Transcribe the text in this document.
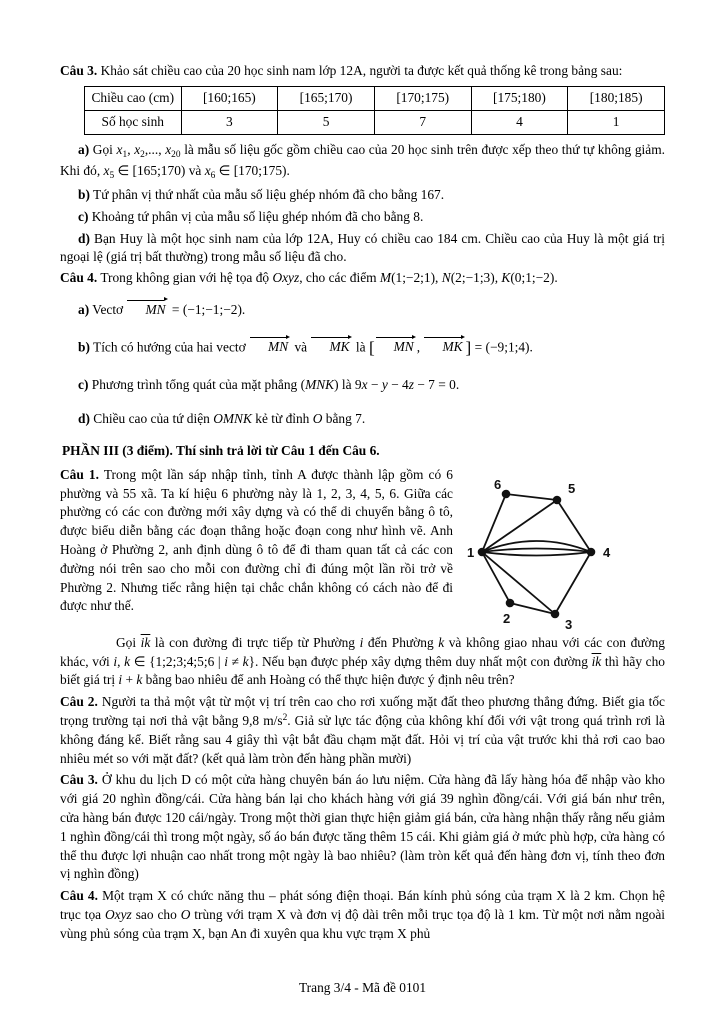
Câu 3. Khảo sát chiều cao của 20 học sinh nam lớp 12A, người ta được kết quả thống kê trong bảng sau:

Chiều cao (cm)	[160;165)	[165;170)	[170;175)	[175;180)	[180;185)
Số học sinh	3	5	7	4	1

a) Gọi $x_1$, $x_2$,..., $x_{20}$ là mẫu số liệu gốc gồm chiều cao của 20 học sinh trên được xếp theo thứ tự không giảm. Khi đó, $x_5$ ∈ [165;170) và $x_6$ ∈ [170;175).

b) Tứ phân vị thứ nhất của mẫu số liệu ghép nhóm đã cho bằng 167.

c) Khoảng tứ phân vị của mẫu số liệu ghép nhóm đã cho bằng 8.

d) Bạn Huy là một học sinh nam của lớp 12A, Huy có chiều cao 184 cm. Chiều cao của Huy là một giá trị ngoại lệ (giá trị bất thường) trong mẫu số liệu đã cho.

Câu 4. Trong không gian với hệ tọa độ Oxyz, cho các điểm M(1;−2;1), N(2;−1;3), K(0;1;−2).

a) Vectơ MN = (−1;−1;−2).

b) Tích có hướng của hai vectơ MN và MK là [ MN , MK ] = (−9;1;4).

c) Phương trình tổng quát của mặt phẳng (MNK) là 9x − y − 4z − 7 = 0.

d) Chiều cao của tứ diện OMNK kẻ từ đỉnh O bằng 7.

PHẦN III (3 điểm). Thí sinh trả lời từ Câu 1 đến Câu 6.

Câu 1. Trong một lần sáp nhập tỉnh, tỉnh A được thành lập gồm có 6 phường và 55 xã. Ta kí hiệu 6 phường này là 1, 2, 3, 4, 5, 6. Giữa các phường có các con đường mới xây dựng và có thể di chuyển bằng ô tô, được biểu diễn bằng các đoạn thẳng hoặc đoạn cong như hình vẽ. Anh Hoàng ở Phường 2, anh định dùng ô tô để đi tham quan tất cả các con đường nói trên sao cho mỗi con đường chỉ đi đúng một lần rồi trở về Phường 2. Nhưng tiếc rằng hiện tại chắc chắn không có cách nào để đi được như thế.

1
2	3
4
5
6

Gọi $\overline{ik}$ là con đường đi trực tiếp từ Phường i đến Phường k và không giao nhau với các con đường khác, với i, k ∈ {1;2;3;4;5;6 | i ≠ k}. Nếu bạn được phép xây dựng thêm duy nhất một con đường $\overline{ik}$ thì hãy cho biết giá trị i + k bằng bao nhiêu để anh Hoàng có thể thực hiện được ý định nêu trên?

Câu 2. Người ta thả một vật từ một vị trí trên cao cho rơi xuống mặt đất theo phương thẳng đứng. Biết gia tốc trọng trường tại nơi thả vật bằng 9,8 $m/s^2$. Giả sử lực tác động của không khí đối với vật trong quá trình rơi là không đáng kể. Biết rằng sau 4 giây thì vật bắt đầu chạm mặt đất. Hỏi vị trí của vật trước khi thả rơi cao bao nhiêu mét so với mặt đất? (kết quả làm tròn đến hàng phần mười)

Câu 3. Ở khu du lịch D có một cửa hàng chuyên bán áo lưu niệm. Cửa hàng đã lấy hàng hóa để nhập vào kho với giá 20 nghìn đồng/cái. Cửa hàng bán lại cho khách hàng với giá 39 nghìn đồng/cái. Với giá bán như trên, cửa hàng bán được 120 cái/ngày. Trong một thời gian thực hiện giảm giá bán, cửa hàng nhận thấy rằng nếu giảm 1 nghìn đồng/cái thì trong một ngày, số áo bán được tăng thêm 15 cái. Khi giảm giá ở mức phù hợp, cửa hàng có thể thu được lợi nhuận cao nhất trong một ngày là bao nhiêu? (làm tròn kết quả đến hàng đơn vị, tính theo đơn vị nghìn đồng)

Câu 4. Một trạm X có chức năng thu – phát sóng điện thoại. Bán kính phủ sóng của trạm X là 2 km. Chọn hệ trục tọa Oxyz sao cho O trùng với trạm X và đơn vị độ dài trên mỗi trục tọa độ là 1 km. Từ một nơi nằm ngoài vùng phủ sóng của trạm X, bạn An đi xuyên qua khu vực trạm X phủ

Trang 3/4 - Mã đề 0101
